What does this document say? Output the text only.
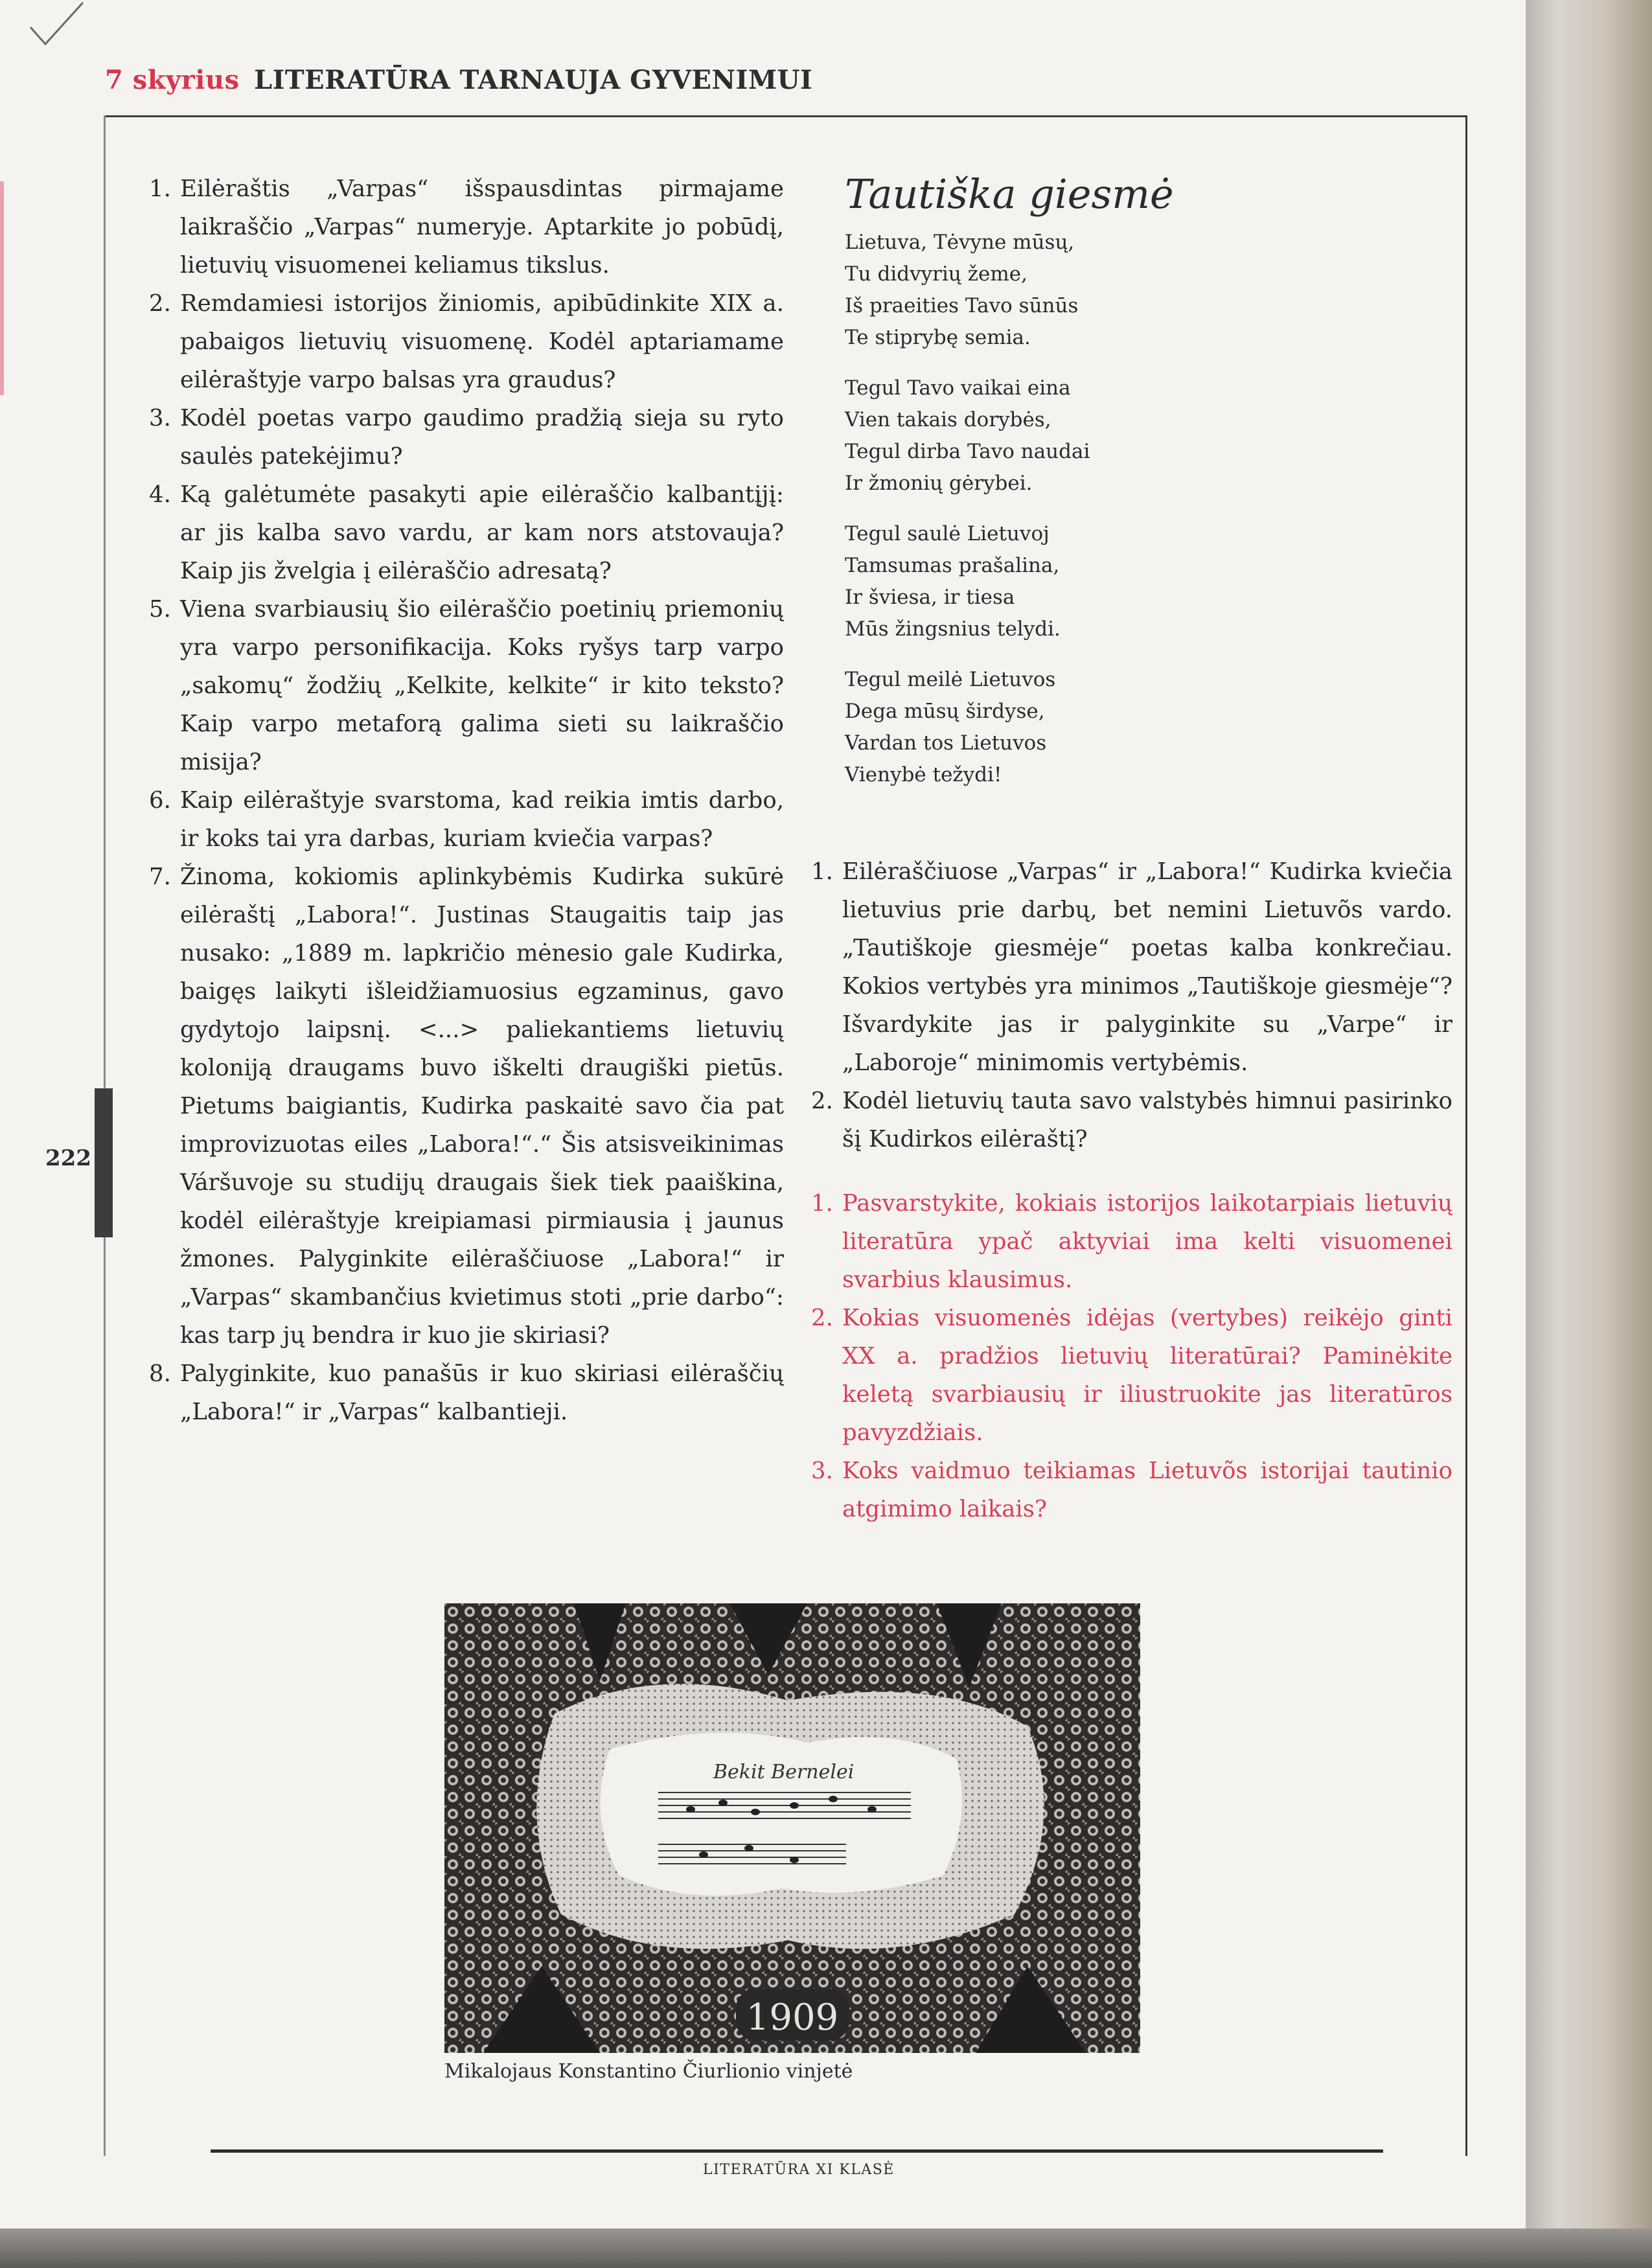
7 skyrius LITERATŪRA TARNAUJA GYVENIMUI
222
1. Eilėraštis „Varpas“ išspausdintas pirmajame laikraščio „Varpas“ numeryje. Aptarkite jo pobūdį, lietuvių visuomenei keliamus tikslus.
2. Remdamiesi istorijos žiniomis, apibūdinkite XIX a. pabaigos lietuvių visuomenę. Kodėl aptariamame eilėraštyje varpo balsas yra graudus?
3. Kodėl poetas varpo gaudimo pradžią sieja su ryto saulės patekėjimu?
4. Ką galėtumėte pasakyti apie eilėraščio kalbantįjį: ar jis kalba savo vardu, ar kam nors atstovauja? Kaip jis žvelgia į eilėraščio adresatą?
5. Viena svarbiausių šio eilėraščio poetinių priemonių yra varpo personifikacija. Koks ryšys tarp varpo „sakomų“ žodžių „Kelkite, kelkite“ ir kito teksto? Kaip varpo metaforą galima sieti su laikraščio misija?
6. Kaip eilėraštyje svarstoma, kad reikia imtis darbo, ir koks tai yra darbas, kuriam kviečia varpas?
7. Žinoma, kokiomis aplinkybėmis Kudirka sukūrė eilėraštį „Labora!“. Justinas Staugaitis taip jas nusako: „1889 m. lapkričio mėnesio gale Kudirka, baigęs laikyti išleidžiamuosius egzaminus, gavo gydytojo laipsnį. <...> paliekantiems lietuvių koloniją draugams buvo iškelti draugiški pietūs. Pietums baigiantis, Kudirka paskaitė savo čia pat improvizuotas eiles „Labora!“.“ Šis atsisveikinimas Váršuvoje su studijų draugais šiek tiek paaiškina, kodėl eilėraštyje kreipiamasi pirmiausia į jaunus žmones. Palyginkite eilėraščiuose „Labora!“ ir „Varpas“ skambančius kvietimus stoti „prie darbo“: kas tarp jų bendra ir kuo jie skiriasi?
8. Palyginkite, kuo panašūs ir kuo skiriasi eilėraščių „Labora!“ ir „Varpas“ kalbantieji.
Tautiška giesmė
Lietuva, Tėvyne mūsų,
Tu didvyrių žeme,
Iš praeities Tavo sūnūs
Te stiprybę semia.
Tegul Tavo vaikai eina
Vien takais dorybės,
Tegul dirba Tavo naudai
Ir žmonių gėrybei.
Tegul saulė Lietuvoj
Tamsumas prašalina,
Ir šviesa, ir tiesa
Mūs žingsnius telydi.
Tegul meilė Lietuvos
Dega mūsų širdyse,
Vardan tos Lietuvos
Vienybė težydi!
1. Eilėraščiuose „Varpas“ ir „Labora!“ Kudirka kviečia lietuvius prie darbų, bet nemini Lietuvõs vardo. „Tautiškoje giesmėje“ poetas kalba konkrečiau. Kokios vertybės yra minimos „Tautiškoje giesmėje“? Išvardykite jas ir palyginkite su „Varpe“ ir „Laboroje“ minimomis vertybėmis.
2. Kodėl lietuvių tauta savo valstybės himnui pasirinko šį Kudirkos eilėraštį?
1. Pasvarstykite, kokiais istorijos laikotarpiais lietuvių literatūra ypač aktyviai ima kelti visuomenei svarbius klausimus.
2. Kokias visuomenės idėjas (vertybes) reikėjo ginti XX a. pradžios lietuvių literatūrai? Paminėkite keletą svarbiausių ir iliustruokite jas literatūros pavyzdžiais.
3. Koks vaidmuo teikiamas Lietuvõs istorijai tautinio atgimimo laikais?
Bekit Bernelei
1909
Mikalojaus Konstantino Čiurlionio vinjetė
LITERATŪRA XI KLASĖ
